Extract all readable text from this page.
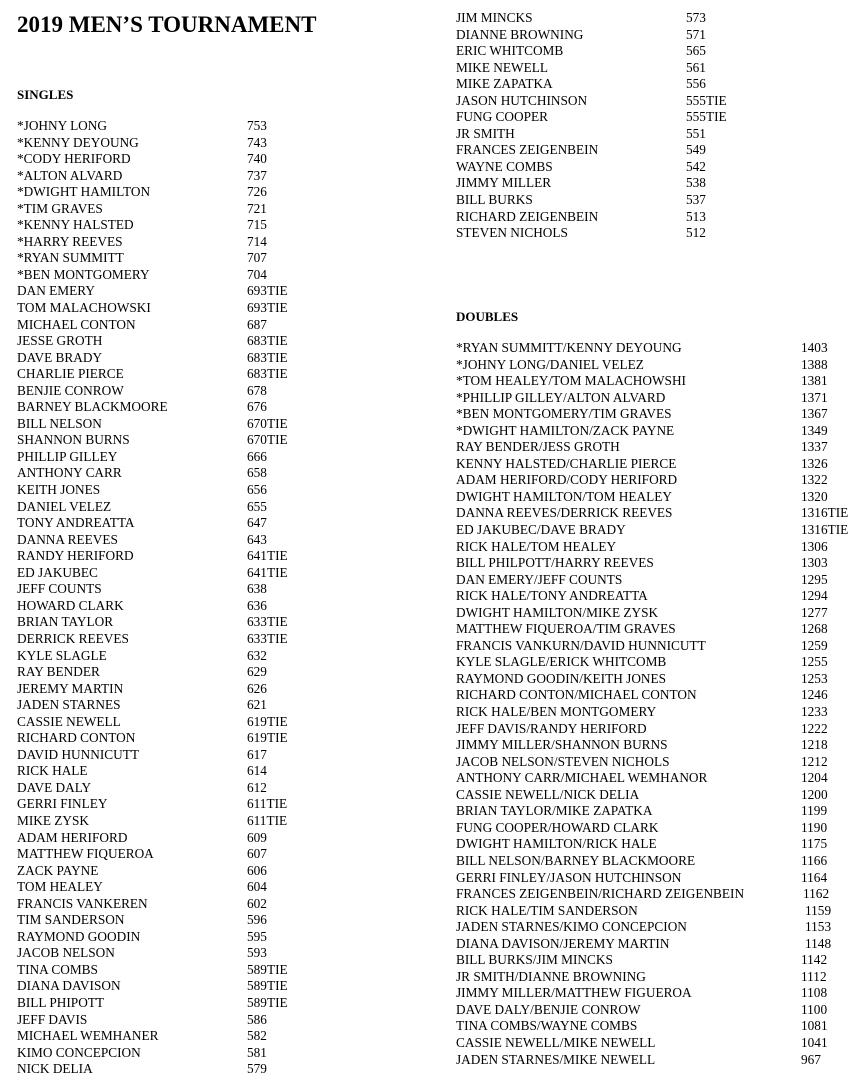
2019 MEN’S TOURNAMENT
SINGLES
*JOHNY LONG	753
*KENNY DEYOUNG	743
*CODY HERIFORD	740
*ALTON ALVARD	737
*DWIGHT HAMILTON	726
*TIM GRAVES	721
*KENNY HALSTED	715
*HARRY REEVES	714
*RYAN SUMMITT	707
*BEN MONTGOMERY	704
DAN EMERY	693TIE
TOM MALACHOWSKI	693TIE
MICHAEL CONTON	687
JESSE GROTH	683TIE
DAVE BRADY	683TIE
CHARLIE PIERCE	683TIE
BENJIE CONROW	678
BARNEY BLACKMOORE	676
BILL NELSON	670TIE
SHANNON BURNS	670TIE
PHILLIP GILLEY	666
ANTHONY CARR	658
KEITH JONES	656
DANIEL VELEZ	655
TONY ANDREATTA	647
DANNA REEVES	643
RANDY HERIFORD	641TIE
ED JAKUBEC	641TIE
JEFF COUNTS	638
HOWARD CLARK	636
BRIAN TAYLOR	633TIE
DERRICK REEVES	633TIE
KYLE SLAGLE	632
RAY BENDER	629
JEREMY MARTIN	626
JADEN STARNES	621
CASSIE NEWELL	619TIE
RICHARD CONTON	619TIE
DAVID HUNNICUTT	617
RICK HALE	614
DAVE DALY	612
GERRI FINLEY	611TIE
MIKE ZYSK	611TIE
ADAM HERIFORD	609
MATTHEW FIQUEROA	607
ZACK PAYNE	606
TOM HEALEY	604
FRANCIS VANKEREN	602
TIM SANDERSON	596
RAYMOND GOODIN	595
JACOB NELSON	593
TINA COMBS	589TIE
DIANA DAVISON	589TIE
BILL PHIPOTT	589TIE
JEFF DAVIS	586
MICHAEL WEMHANER	582
KIMO CONCEPCION	581
NICK DELIA	579
JIM MINCKS	573
DIANNE BROWNING	571
ERIC WHITCOMB	565
MIKE NEWELL	561
MIKE ZAPATKA	556
JASON HUTCHINSON	555TIE
FUNG COOPER	555TIE
JR SMITH	551
FRANCES ZEIGENBEIN	549
WAYNE COMBS	542
JIMMY MILLER	538
BILL BURKS	537
RICHARD ZEIGENBEIN	513
STEVEN NICHOLS	512
DOUBLES
*RYAN SUMMITT/KENNY DEYOUNG	1403
*JOHNY LONG/DANIEL VELEZ	1388
*TOM HEALEY/TOM MALACHOWSHI	1381
*PHILLIP GILLEY/ALTON ALVARD	1371
*BEN MONTGOMERY/TIM GRAVES	1367
*DWIGHT HAMILTON/ZACK PAYNE	1349
RAY BENDER/JESS GROTH	1337
KENNY HALSTED/CHARLIE PIERCE	1326
ADAM HERIFORD/CODY HERIFORD	1322
DWIGHT HAMILTON/TOM HEALEY	1320
DANNA REEVES/DERRICK REEVES	1316TIE
ED JAKUBEC/DAVE BRADY	1316TIE
RICK HALE/TOM HEALEY	1306
BILL PHILPOTT/HARRY REEVES	1303
DAN EMERY/JEFF COUNTS	1295
RICK HALE/TONY ANDREATTA	1294
DWIGHT HAMILTON/MIKE ZYSK	1277
MATTHEW FIQUEROA/TIM GRAVES	1268
FRANCIS VANKURN/DAVID HUNNICUTT	1259
KYLE SLAGLE/ERICK WHITCOMB	1255
RAYMOND GOODIN/KEITH JONES	1253
RICHARD CONTON/MICHAEL CONTON	1246
RICK HALE/BEN MONTGOMERY	1233
JEFF DAVIS/RANDY HERIFORD	1222
JIMMY MILLER/SHANNON BURNS	1218
JACOB NELSON/STEVEN NICHOLS	1212
ANTHONY CARR/MICHAEL WEMHANOR	1204
CASSIE NEWELL/NICK DELIA	1200
BRIAN TAYLOR/MIKE ZAPATKA	1199
FUNG COOPER/HOWARD CLARK	1190
DWIGHT HAMILTON/RICK HALE	1175
BILL NELSON/BARNEY BLACKMOORE	1166
GERRI FINLEY/JASON HUTCHINSON	1164
FRANCES ZEIGENBEIN/RICHARD ZEIGENBEIN	1162
RICK HALE/TIM SANDERSON	1159
JADEN STARNES/KIMO CONCEPCION	1153
DIANA DAVISON/JEREMY MARTIN	1148
BILL BURKS/JIM MINCKS	1142
JR SMITH/DIANNE BROWNING	1112
JIMMY MILLER/MATTHEW FIGUEROA	1108
DAVE DALY/BENJIE CONROW	1100
TINA COMBS/WAYNE COMBS	1081
CASSIE NEWELL/MIKE NEWELL	1041
JADEN STARNES/MIKE NEWELL	967
